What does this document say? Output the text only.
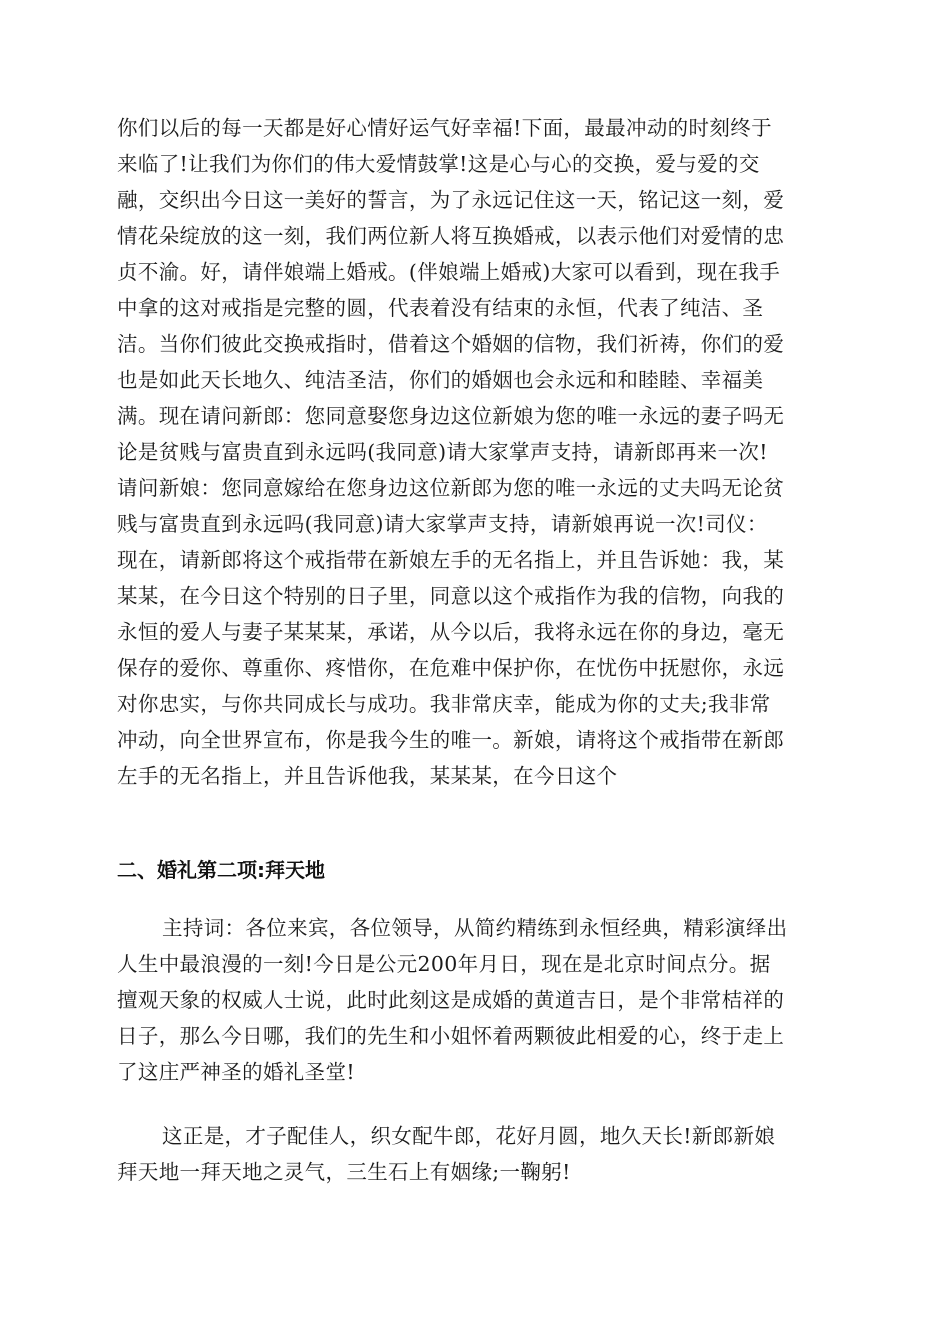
你们以后的每一天都是好心情好运气好幸福!下面，最最冲动的时刻终于
来临了!让我们为你们的伟大爱情鼓掌!这是心与心的交换，爱与爱的交
融，交织出今日这一美好的誓言，为了永远记住这一天，铭记这一刻，爱
情花朵绽放的这一刻，我们两位新人将互换婚戒，以表示他们对爱情的忠
贞不渝。好，请伴娘端上婚戒。(伴娘端上婚戒)大家可以看到，现在我手
中拿的这对戒指是完整的圆，代表着没有结束的永恒，代表了纯洁、圣
洁。当你们彼此交换戒指时，借着这个婚姻的信物，我们祈祷，你们的爱
也是如此天长地久、纯洁圣洁，你们的婚姻也会永远和和睦睦、幸福美
满。现在请问新郎：您同意娶您身边这位新娘为您的唯一永远的妻子吗无
论是贫贱与富贵直到永远吗(我同意)请大家掌声支持，请新郎再来一次!
请问新娘：您同意嫁给在您身边这位新郎为您的唯一永远的丈夫吗无论贫
贱与富贵直到永远吗(我同意)请大家掌声支持，请新娘再说一次!司仪：
现在，请新郎将这个戒指带在新娘左手的无名指上，并且告诉她：我，某
某某，在今日这个特别的日子里，同意以这个戒指作为我的信物，向我的
永恒的爱人与妻子某某某，承诺，从今以后，我将永远在你的身边，毫无
保存的爱你、尊重你、疼惜你，在危难中保护你，在忧伤中抚慰你，永远
对你忠实，与你共同成长与成功。我非常庆幸，能成为你的丈夫;我非常
冲动，向全世界宣布，你是我今生的唯一。新娘，请将这个戒指带在新郎
左手的无名指上，并且告诉他我，某某某，在今日这个
二、婚礼第二项:拜天地
主持词：各位来宾，各位领导，从简约精练到永恒经典，精彩演绎出
人生中最浪漫的一刻!今日是公元200年月日，现在是北京时间点分。据
擅观天象的权威人士说，此时此刻这是成婚的黄道吉日，是个非常桔祥的
日子，那么今日哪，我们的先生和小姐怀着两颗彼此相爱的心，终于走上
了这庄严神圣的婚礼圣堂!
这正是，才子配佳人，织女配牛郎，花好月圆，地久天长!新郎新娘
拜天地一拜天地之灵气，三生石上有姻缘;一鞠躬!
